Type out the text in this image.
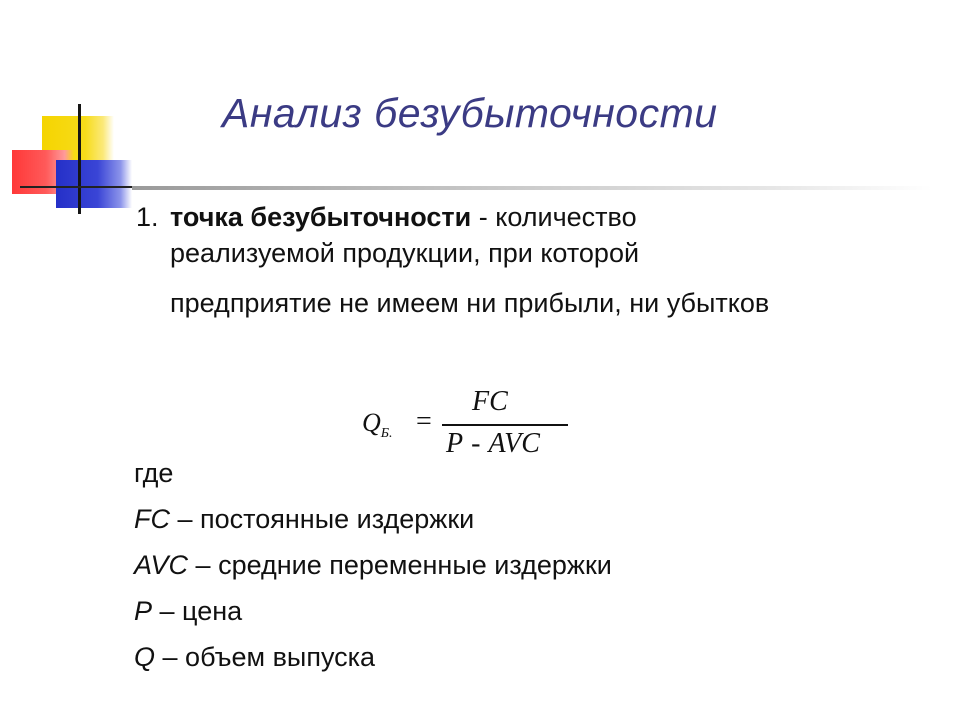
Анализ безубыточности
1. точка безубыточности - количество
реализуемой продукции, при которой
предприятие не имеем ни прибыли, ни убытков
$Q_{Б.}$ =
FC
P - AVC
где
FC – постоянные издержки
AVC – средние переменные издержки
P – цена
Q – объем выпуска
